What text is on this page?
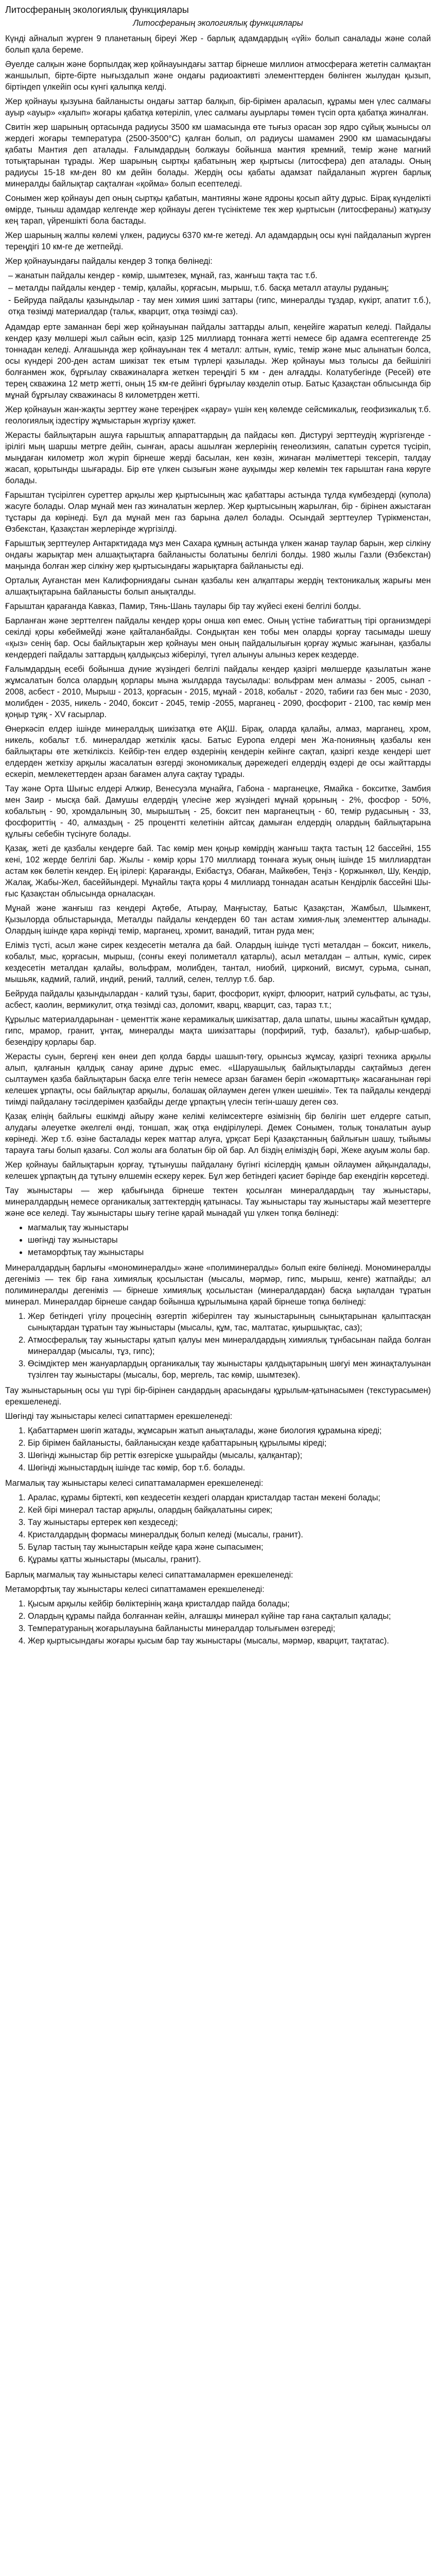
Литосфераның экологиялық функциялары
Литосфераның экологиялық функциялары

Күнді айналып жүрген 9 планетаның біреуі Жер - барлық адамдардың «үйі» болып саналады және солай болып қала береме.

Әуелде салқын және борпылдақ жер қойнауындағы заттар бірнеше миллион атмосфераға жететін салмақтан жаншылып, бірте-бірте нығыздалып және ондағы радиоактивті элементтерден бөлінген жылудан қызып, біртіндеп үлкейіп осы күнгі қалыпқа келді.

Жер қойнауы қызуына байланысты ондағы заттар балқып, бір-бірімен араласып, құрамы мен үлес салмағы ауыр «ауыр» «қалып» жоғары қабатқа көтеріліп, үлес салмағы ауырлары төмен түсіп орта қабатқа жиналған.

Свитін жер шарының ортасында радиусы 3500 км шамасында өте тығыз орасан зор ядро сұйық жынысы ол жердегі жоғары температура (2500-3500°C) қалған болып, ол радиусы шамамен 2900 км шамасындағы қабаты Мантия деп аталады. Ғалымдардың болжауы бойынша мантия кремний, темір және магний тотықтарынан тұрады. Жер шарының сыртқы қабатының жер қыртысы (литосфера) деп аталады. Оның радиусы 15-18 км-ден 80 км дейін болады. Жердің осы қабаты адамзат пайдаланып жүрген барлық минералды байлықтар сақталған «қойма» болып есептеледі.

Сонымен жер қойнауы деп оның сыртқы қабатын, мантияны және ядроны қосып айту дұрыс. Бірақ күнделікті өмірде, тыныш адамдар келгенде жер қойнауы деген түсініктеме тек жер қыртысын (литосфераны) жатқызу кең тарап, үйреншікті бола бастады.

Жер шарының жалпы көлемі үлкен, радиусы 6370 км-ге жетеді. Ал адамдардың осы күні пайдаланып жүрген тереңдігі 10 км-ге де жетпейді.

Жер қойнауындағы пайдалы кендер 3 топқа бөлінеді:

– жанатын пайдалы кендер - көмір, шымтезек, мұнай, газ, жанғыш тақта тас т.б.
– металды пайдалы кендер - темір, қалайы, қорғасын, мырыш, т.б. басқа металл атаулы руданың;
- Бейруда пайдалы қазындылар - тау мен химия шикі заттары (гипс, минералды тұздар, күкірт, апатит т.б.), отқа төзімді материалдар (тальк, кварцит, отқа төзімді саз).

Адамдар ерте заманнан бері жер қойнауынан пайдалы заттарды алып, кеңейіге жаратып келеді. Пайдалы кендер қазу мөлшері жыл сайын өсіп, қазір 125 миллиард тоннаға жетті немесе бір адамға есептегенде 25 тоннадан келеді. Алғашында жер қойнауынан тек 4 металл: алтын, күміс, темір және мыс алынатын болса, осы күндері 200-ден астам шикізат тек етым түрлері қазылады. Жер қойнауы мыз толысы да бейшілігі болғанмен жок, бұрғылау скважиналарға жеткен тереңдігі 5 км - ден алғадды. Колатубегінде (Ресей) өте терең скважина 12 метр жетті, оның 15 км-ге дейінгі бұрғылау көзделіп отыр. Батыс Қазақстан облысында бір мұнай бұрғылау скважинасы 8 километрден жетті.

Жер қойнауын жан-жақты зерттеу және тереңірек «қарау» үшін кең көлемде сейсмикалық, геофизикалық т.б. геологиялық іздестіру жұмыстарын жүргізу қажет.

Жерасты байлықтарын ашуға ғарыштық аппараттардың да пайдасы көп. Дистуруі зерттеудің жүргізгенде - ірілігі мың шаршы метрге дейін, сынған, арасы ашылған жерлерінің генеолизиян, сапатын сурется түсіріп, мыңдаған километр жол жүріп бірнеше жерді басылан, кен көзін, жинаған мәліметтері тексеріп, талдау жасап, қорытынды шығарады. Бір өте үлкен сызығын және ауқымды жер көлемін тек ғарыштан ғана көруге болады.

Ғарыштан түсірілген суреттер арқылы жер қыртысының жас қабаттары астында тұлда күмбездерді (купола) жасуге болады. Олар мұнай мен газ жиналатын жерлер. Жер қыртысының жарылған, бір - бірінен ажыстаған тұстары да көрінеді. Бұл да мұнай мен газ барына дәлел болады. Осындай зерттеулер Түрікменстан, Өзбекстан, Қазақстан жерлерінде жүргізілді.

Ғарыштық зерттеулер Антарктидада мұз мен Сахара құмның астында үлкен жанар таулар барын, жер сілкіну ондағы жарықтар мен алшақтықтарға байланысты болатыны белгілі болды. 1980 жылы Газли (Өзбекстан) маңында болған жер сілкіну жер қыртысындағы жарықтарға байланысты еді.

Орталық Ауғанстан мен Калифорниядағы сынан қазбалы кен алқаптары жердің тектоникалық жарығы мен алшақтықтарына байланысты болып анықталды.

Ғарыштан қарағанда Кавказ, Памир, Тянь-Шань таулары бір тау жүйесі екені белгілі болды.

Барланған және зерттелген пайдалы кендер қоры онша көп емес. Оның үстіне табиғаттың тірі организмдері секілді қоры көбеймейді және қайталанбайды. Сондықтан кен тобы мен оларды қорғау тасымады шешу «қыз» сенің бар. Осы байлықтарын жер қойнауы мен оның пайдалылығын қорғау жұмыс жағынан, қазбалы кендердегі пайдалы заттардың қалдықсыз жіберілуі, түгел алынуы алыныз керек кездерде.

Ғалымдардың есебі бойынша дүние жүзіндегі белгілі пайдалы кендер қазіргі мөлшерде қазылатын және жұмсалатын болса олардың қорлары мына жылдарда таусылады: вольфрам мен алмазы - 2005, сынап - 2008, асбест - 2010, Мырыш - 2013, қорғасын - 2015, мұнай - 2018, кобальт - 2020, табиғи газ бен мыс - 2030, молибден - 2035, никель - 2040, боксит - 2045, темір -2055, марганец - 2090, фосфорит - 2100, тас көмір мен қоңыр тұяқ - XV ғасырлар.

Өнеркәсіп елдер ішінде минералдық шикізатқа өте АҚШ. Бірақ, оларда қалайы, алмаз, марганец, хром, никель, кобальт т.б. минералдар жеткілік қасы. Батыс Еуропа елдері мен Жа-понияның қазбалы кен байлықтары өте жеткіліксіз. Кейбір-тен елдер өздерінің кендерін кейінге сақтап, қазіргі кезде кендері шет елдерден жеткізу арқылы жасалатын өзгерді экономикалық дәрежедегі елдердің өздері де осы жайттарды ескеріп, мемлекеттерден арзан бағамен алуға сақтау тұрады.

Тау және Орта Шығыс елдері Алжир, Венесуэла мұнайға, Габона - марганецке, Ямайка - бокситке, Замбия мен Заир - мысқа бай. Дамушы елдердің үлесіне жер жүзіндегі мұнай қорының - 2%, фосфор - 50%, кобальтың - 90, хромдалының 30, мырыштың - 25, боксит пен марганецтың - 60, темір рудасының - 33, фосфориттің - 40, алмаздың - 25 процентті келетінін айтсақ дамыған елдердің олардың байлықтарына құлығы себебін түсінуге болады.

Қазақ, жеті де қазбалы кендерге бай. Тас көмір мен қоңыр көмірдің жанғыш тақта тастың 12 бассейні, 155 кені, 102 жерде белгілі бар. Жылы - көмір қоры 170 миллиард тоннаға жуық оның ішінде 15 миллиардтан астам көк бөлетін кендер. Ең ірілері: Қарағанды, Екібастұз, Обаған, Майкөбен, Теңіз - Қоржынкөл, Шу, Кендір, Жалақ, Жабы-Жел, басеййындері. Мұнайлы тақта қоры 4 миллиард тоннадан асатын Кендірлік бассейні Шы-ғыс Қазақстан облысында орналасқан.

Мұнай және жанғыш газ кендері Ақтөбе, Атырау, Маңғыстау, Батыс Қазақстан, Жамбыл, Шымкент, Қызылорда облыстарында, Металды пайдалы кендерден 60 тан астам химия-лық элементтер алынады. Олардың ішінде қара көрінді темір, марганец, хромит, ванадий, титан руда мен;

Еліміз түсті, асыл және сирек кездесетін металға да бай. Олардың ішінде түсті металдан – боксит, никель, кобальт, мыс, қорғасын, мырыш, (сонғы екеуі полиметалл қатарлы), асыл металдан – алтын, күміс, сирек кездесетін металдан қалайы, вольфрам, молибден, тантал, ниобий, цирконий, висмут, сурьма, сынап, мышьяк, кадмий, галий, индий, рений, таллий, селен, теллур т.б. бар.

Бейруда пайдалы қазындылардан - калий тұзы, барит, фосфорит, күкірт, флюорит, натрий сульфаты, ас тұзы, асбест, каолин, вермикулит, отқа төзімді саз, доломит, кварц, кварцит, саз, тараз т.т.;

Құрылыс материалдарынан - цементтік және керамикалық шикізаттар, дала шпаты, шыны жасайтын құмдар, гипс, мрамор, гранит, ұнтақ, минералды мақта шикізаттары (порфирий, туф, базальт), қабыр-шабыр, безендіру қорлары бар.

Жерасты суын, бергеңі кен өнеи деп қолда барды шашып-төгу, орынсыз жұмсау, қазіргі техника арқылы алып, қалғанын қалдық санау арине дұрыс емес. «Шаруашылық байлықтыларды сақтаймыз деген сылтаумен қазба байлықтарын басқа елге тегін немесе арзан бағамен беріп «жомарттық» жасағанынан гөрі келешек ұрпақты, осы байлықтар арқылы, болашақ ойлаумен деген үлкен шешімі». Тек та пайдалы кендерді тиімді пайдалану тәсілдерімен қазбайды дегде ұрпақтың үлесін тегін-шашу деген сөз.

Қазақ еліңің байлығы ешкімді айыру және келімі келімсектерге өзімізнің бір бөлігін шет елдерге сатып, алудағы әлеуетке әкелгелі өнді, тоншап, жақ отқа ендірілулері. Демек Сонымен, толық тоналатын ауыр көрінеді. Жер т.б. өзіне басталады керек маттар алуға, ұрқсат Бері Қазақстанның байлығын шашу, тыйымы тарауға тағы болып қазағы. Сол жолы аға болатын бір ой бар. Ал біздің еліміздің бәрі, Жеке ақуым жолы бар.

Жер қойнауы байлықтарын қорғау, тұтынушы пайдалану бүгінгі кісілердің қамын ойлаумен айқындалады, келешек ұрпақтың да тұтыну өлшемін ескеру керек. Бұл жер бетіндегі қасиет бәрінде бар екендігін көрсетеді.

Тау жыныстары — жер қабығында бірнеше тектен қосылған минералдардың тау жыныстары, минералдардың немесе органикалық заттектердің қатынасы. Тау жыныстары тау жыныстары жай мезеттерге және өсе келеді. Тау жыныстары шығу тегіне қарай мынадай үш үлкен топқа бөлінеді:

• магмалық тау жыныстары
• шөгінді тау жыныстары
• метаморфтық тау жыныстары

Минералдардың барлығы «мономинералды» және «полиминералды» болып екіге бөлінеді. Мономинералды дегеніміз — тек бір ғана химиялық қосылыстан (мысалы, мәрмәр, гипс, мырыш, кенге) жатпайды; ал полиминералды дегеніміз — бірнеше химиялық қосылыстан (минералдардан) басқа ықпалдан тұратын минерал. Минералдар бірнеше сандар бойынша құрылымына қарай бірнеше топқа бөлінеді:

1. Жер бетіндегі үгілу процесінің өзгертіп жіберілген тау жыныстарының сынықтарынан қалыптасқан сынықтардан тұратын тау жыныстары (мысалы, құм, тас, малтатас, қиыршықтас, саз);
2. Атмосфералық тау жыныстары қатып қалуы мен минералдардың химиялық тұнбасынан пайда болған минералдар (мысалы, тұз, гипс);
3. Өсімдіктер мен жануарлардың органикалық тау жыныстары қалдықтарының шөгуі мен жинақталуынан түзілген тау жыныстары (мысалы, бор, мергель, тас көмір, шымтезек).

Тау жыныстарының осы үш түрі бір-бірінен сандардың арасындағы құрылым-қатынасымен (текстурасымен) ерекшеленеді.

Шөгінді тау жыныстары келесі сипаттармен ерекшеленеді:

1. Қабаттармен шөгіп жатады, жұмсарын жатып анықталады, және биология құрамына кіреді;
2. Бір бірімен байланысты, байланысқан кезде қабаттарының құрылымы кіреді;
3. Шөгінді жыныстар бір реттік өзгеріске ұшырайды (мысалы, қалқантар);
4. Шөгінді жыныстардың ішінде тас көмір, бор т.б. болады.

Магмалық тау жыныстары келесі сипаттамалармен ерекшеленеді:

1. Аралас, құрамы біртекті, көп кездесетін кездегі олардан кристалдар тастан мекені болады;
2. Кей бірі минерал тастар арқылы, олардың байқалатыны сирек;
3. Тау жыныстары ертерек көп кездеседі;
4. Кристалдардың формасы минералдық болып келеді (мысалы, гранит).
5. Бұлар тастың тау жыныстарын кейде қара және сыпасымен;
6. Құрамы қатты жыныстары (мысалы, гранит).

Барлық магмалық тау жыныстары келесі сипаттамалармен ерекшеленеді:

Метаморфтық тау жыныстары келесі сипаттамамен ерекшеленеді:

1. Қысым арқылы кейбір бөліктерінің жаңа кристалдар пайда болады;
2. Олардың құрамы пайда болғаннан кейін, алғашқы минерал күйіне тар ғана сақталып қалады;
3. Температураның жоғарылауына байланысты минералдар толығымен өзгереді;
4. Жер қыртысындағы жоғары қысым бар тау жыныстары (мысалы, мәрмәр, кварцит, тақтатас).
